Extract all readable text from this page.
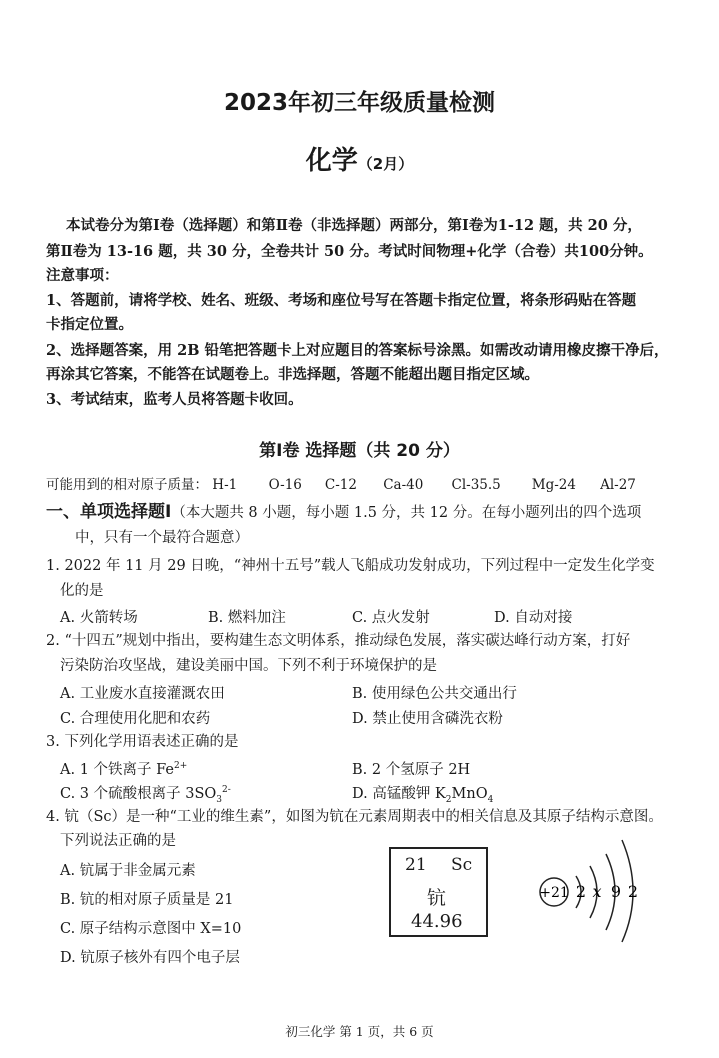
2023年初三年级质量检测
化学（2月）
本试卷分为第Ⅰ卷（选择题）和第Ⅱ卷（非选择题）两部分，第Ⅰ卷为1-12 题，共 20 分，
第Ⅱ卷为 13-16 题，共 30 分，全卷共计 50 分。考试时间物理+化学（合卷）共100分钟。
注意事项：
1、答题前，请将学校、姓名、班级、考场和座位号写在答题卡指定位置，将条形码贴在答题
卡指定位置。
2、选择题答案，用 2B 铅笔把答题卡上对应题目的答案标号涂黑。如需改动请用橡皮擦干净后，
再涂其它答案，不能答在试题卷上。非选择题，答题不能超出题目指定区域。
3、考试结束，监考人员将答题卡收回。
第Ⅰ卷 选择题（共 20 分）
可能用到的相对原子质量： H-1 O-16 C-12 Ca-40 Cl-35.5 Mg-24 Al-27
一、单项选择题Ⅰ（本大题共 8 小题，每小题 1.5 分，共 12 分。在每小题列出的四个选项
中，只有一个最符合题意）
1. 2022 年 11 月 29 日晚，“神州十五号”载人飞船成功发射成功，下列过程中一定发生化学变
化的是
A. 火箭转场	B. 燃料加注	C. 点火发射	D. 自动对接
2. “十四五”规划中指出，要构建生态文明体系，推动绿色发展，落实碳达峰行动方案，打好
污染防治攻坚战，建设美丽中国。下列不利于环境保护的是
A. 工业废水直接灌溉农田	B. 使用绿色公共交通出行
C. 合理使用化肥和农药	D. 禁止使用含磷洗衣粉
3. 下列化学用语表述正确的是
A. 1 个铁离子 $Fe^{2+}$	B. 2 个氢原子 2H
C. 3 个硫酸根离子 $3SO_3^{2-}$	D. 高锰酸钾 $K_2MnO_4$
4. 钪（Sc）是一种“工业的维生素”，如图为钪在元素周期表中的相关信息及其原子结构示意图。
下列说法正确的是
A. 钪属于非金属元素
B. 钪的相对原子质量是 21
C. 原子结构示意图中 X=10
D. 钪原子核外有四个电子层
21 Sc
钪
44.96
+21 2 x 9 2
初三化学 第 1 页，共 6 页
